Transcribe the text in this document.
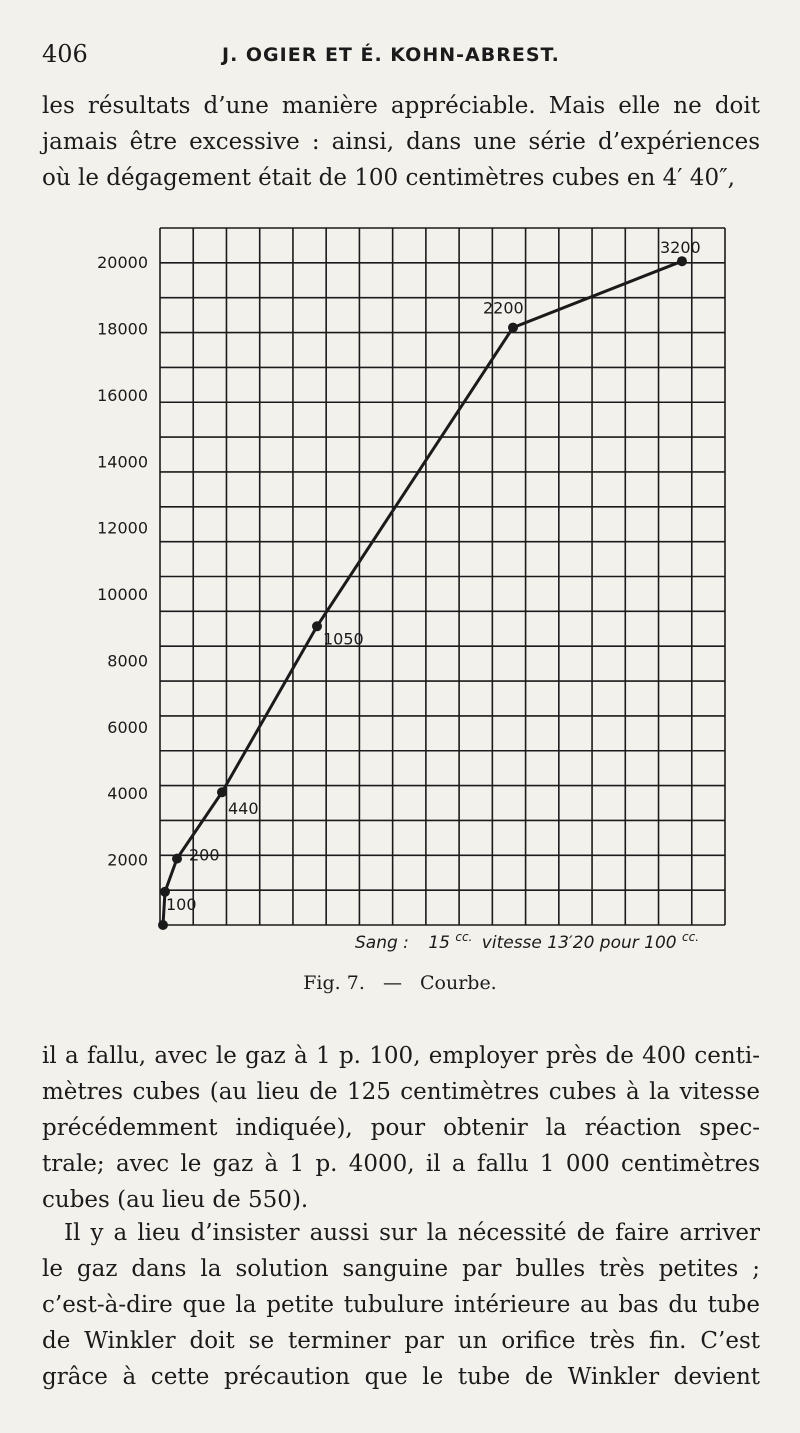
406	J. OGIER ET É. KOHN-ABREST.

les résultats d’une manière appréciable. Mais elle ne doit
jamais être excessive : ainsi, dans une série d’expériences
où le dégagement était de 100 centimètres cubes en 4′ 40″,

2000
4000
6000
8000
10000
12000
14000
16000
18000
20000
100
200
440
1050
2200
3200
Sang : 15 $^{cc.}$ vitesse 13′20 pour 100 $^{cc.}$
Fig. 7. — Courbe.

il a fallu, avec le gaz à 1 p. 100, employer près de 400 centi-
mètres cubes (au lieu de 125 centimètres cubes à la vitesse
précédemment indiquée), pour obtenir la réaction spec-
trale; avec le gaz à 1 p. 4000, il a fallu 1 000 centimètres
cubes (au lieu de 550).

Il y a lieu d’insister aussi sur la nécessité de faire arriver
le gaz dans la solution sanguine par bulles très petites ;
c’est-à-dire que la petite tubulure intérieure au bas du tube
de Winkler doit se terminer par un orifice très fin. C’est
grâce à cette précaution que le tube de Winkler devient
